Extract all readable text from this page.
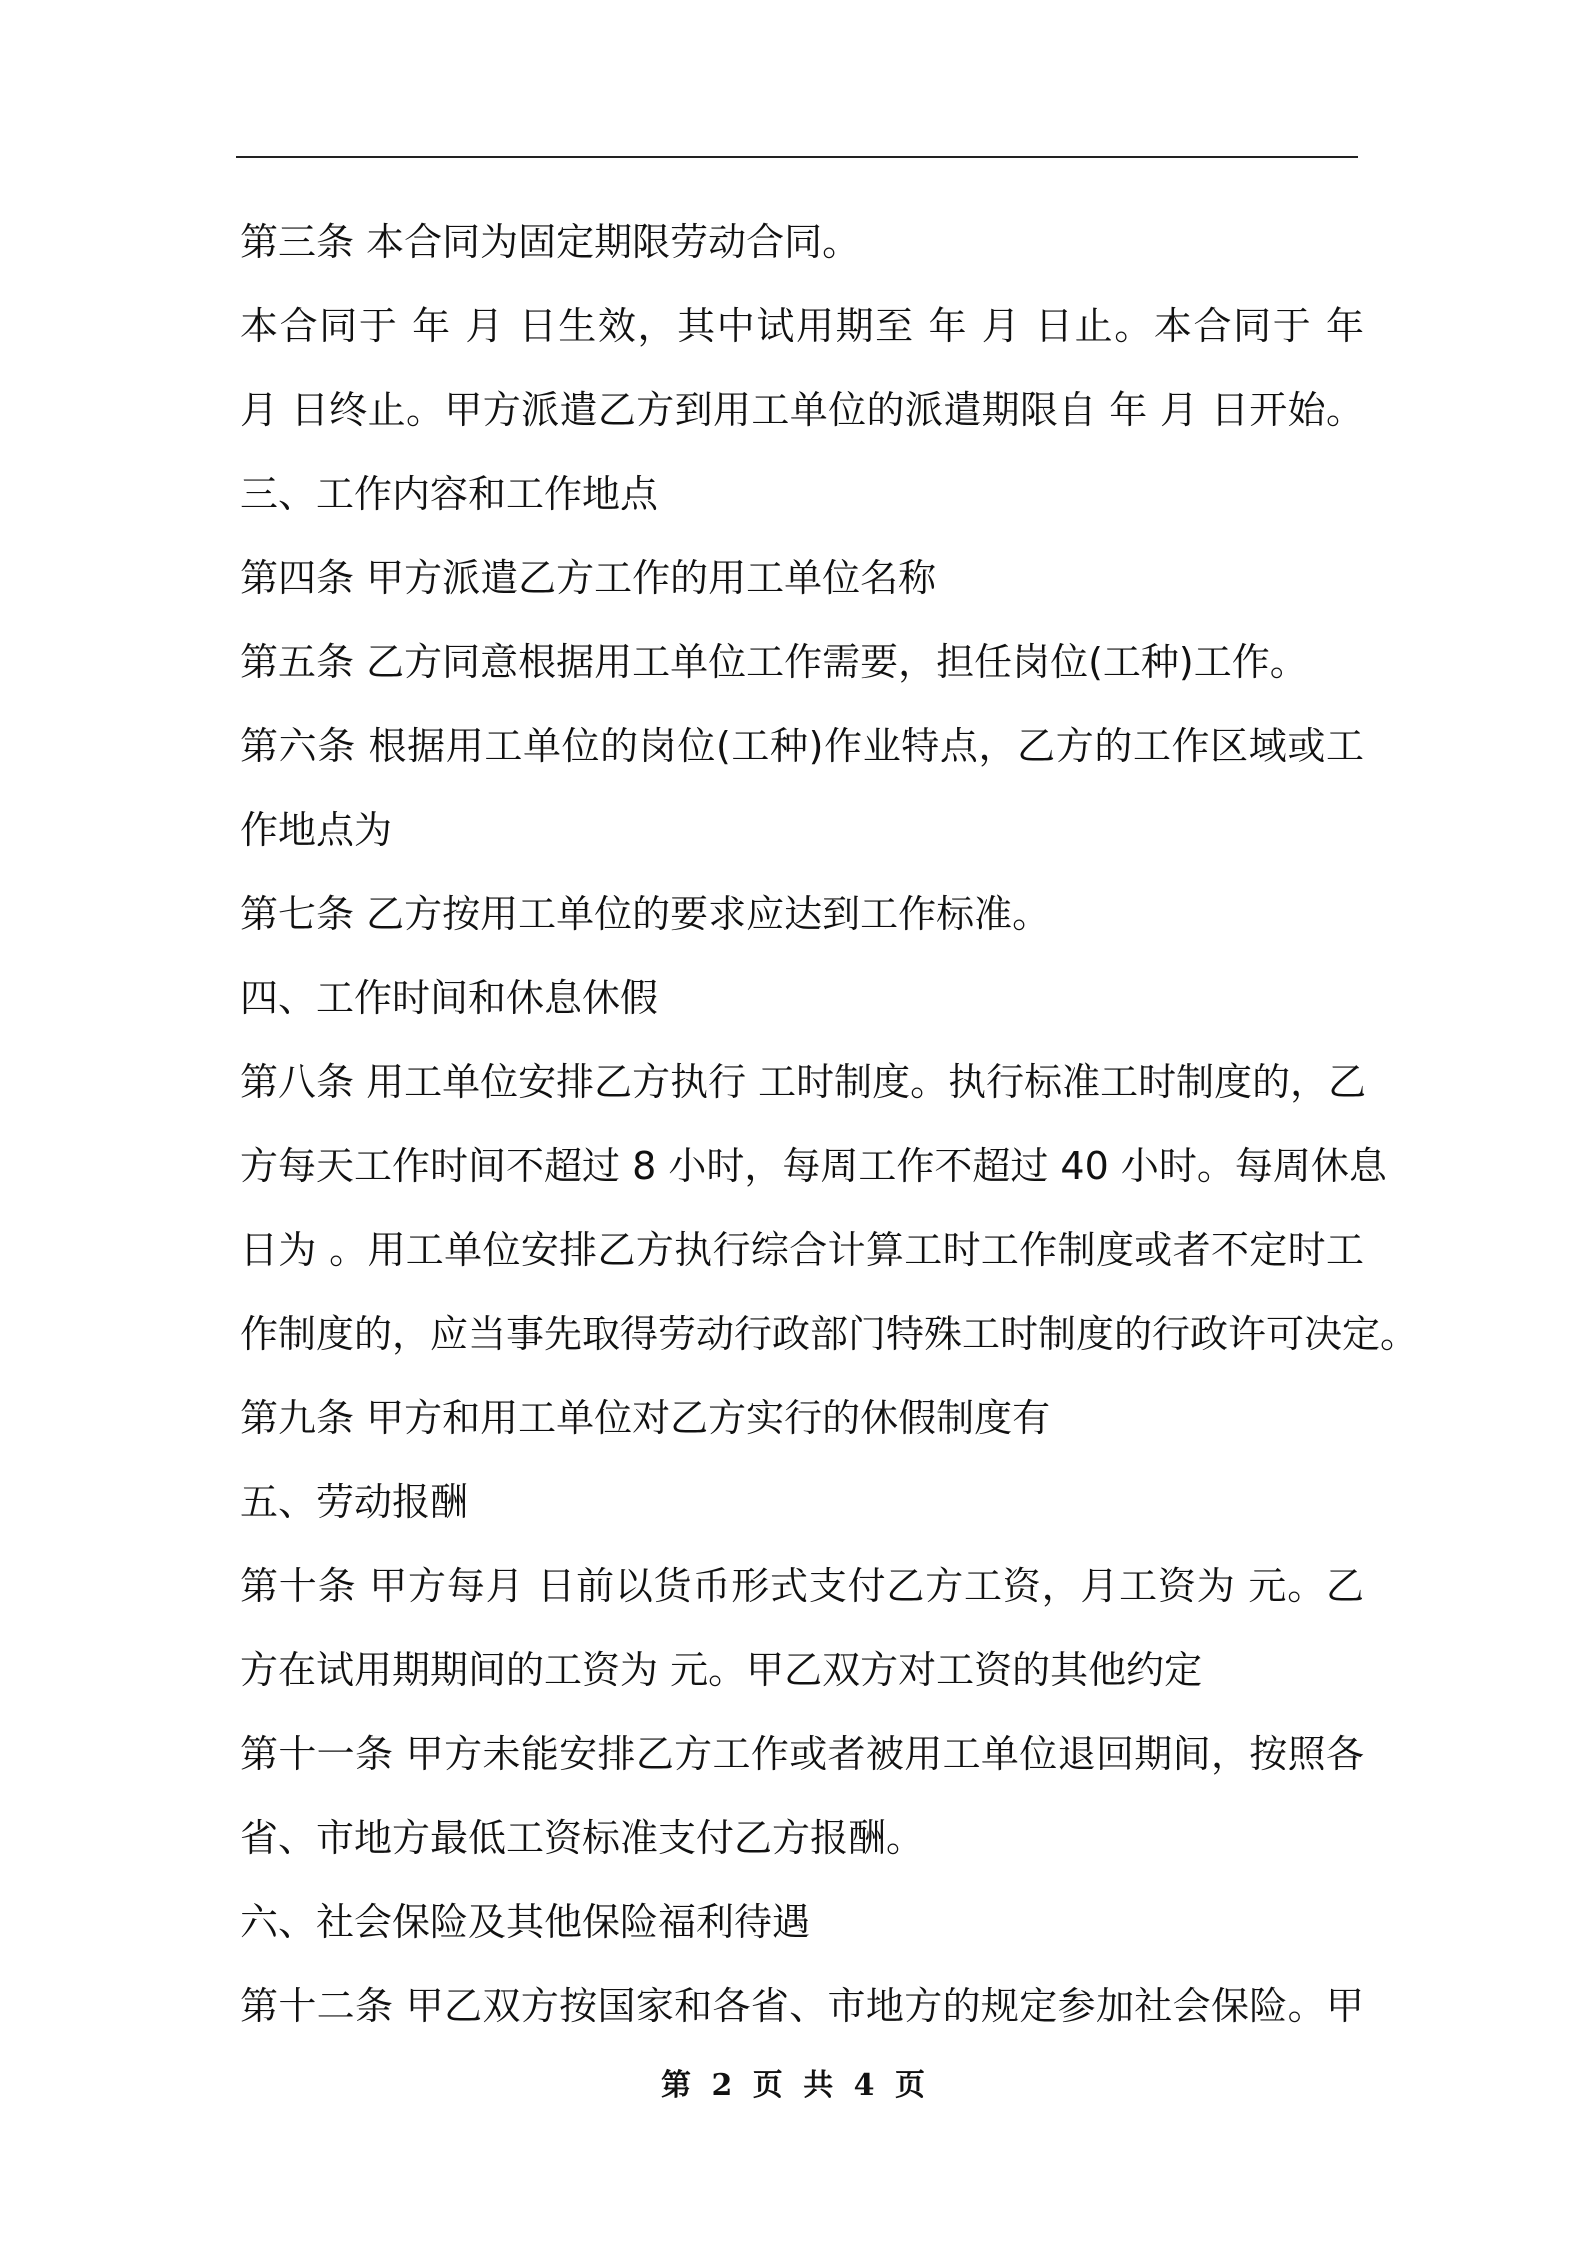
第三条 本合同为固定期限劳动合同。
本合同于 年 月 日生效，其中试用期至 年 月 日止。本合同于 年
月 日终止。甲方派遣乙方到用工单位的派遣期限自 年 月 日开始。
三、工作内容和工作地点
第四条 甲方派遣乙方工作的用工单位名称
第五条 乙方同意根据用工单位工作需要，担任岗位(工种)工作。
第六条 根据用工单位的岗位(工种)作业特点，乙方的工作区域或工
作地点为
第七条 乙方按用工单位的要求应达到工作标准。
四、工作时间和休息休假
第八条 用工单位安排乙方执行 工时制度。执行标准工时制度的，乙
方每天工作时间不超过 8 小时，每周工作不超过 40 小时。每周休息
日为 。用工单位安排乙方执行综合计算工时工作制度或者不定时工
作制度的，应当事先取得劳动行政部门特殊工时制度的行政许可决定。
第九条 甲方和用工单位对乙方实行的休假制度有
五、劳动报酬
第十条 甲方每月 日前以货币形式支付乙方工资，月工资为 元。乙
方在试用期期间的工资为 元。甲乙双方对工资的其他约定
第十一条 甲方未能安排乙方工作或者被用工单位退回期间，按照各
省、市地方最低工资标准支付乙方报酬。
六、社会保险及其他保险福利待遇
第十二条 甲乙双方按国家和各省、市地方的规定参加社会保险。甲
第 2 页 共 4 页
